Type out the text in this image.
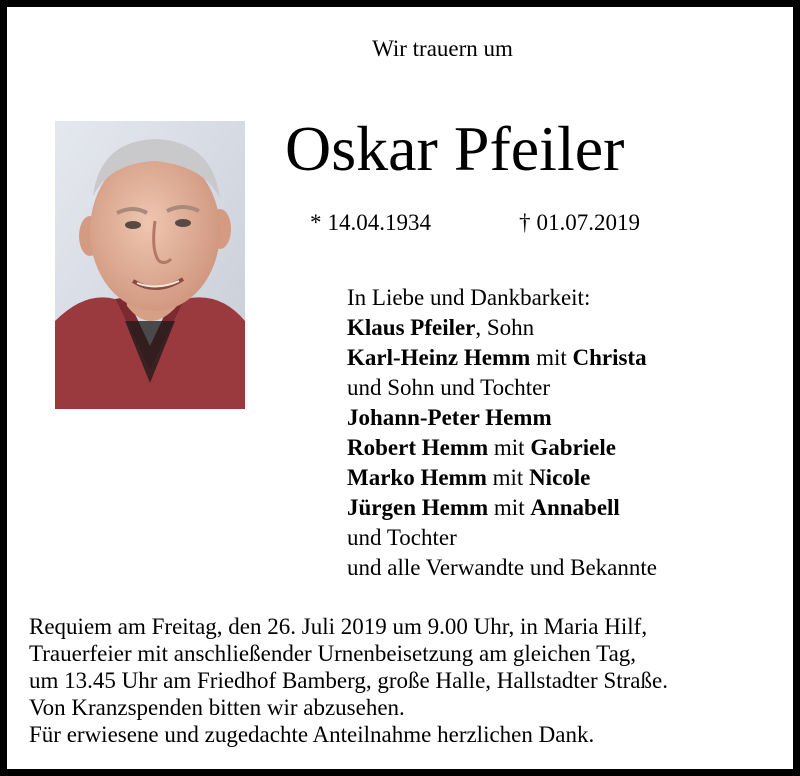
Wir trauern um
Oskar Pfeiler
* 14.04.1934	† 01.07.2019
In Liebe und Dankbarkeit:
Klaus Pfeiler, Sohn
Karl-Heinz Hemm mit Christa
und Sohn und Tochter
Johann-Peter Hemm
Robert Hemm mit Gabriele
Marko Hemm mit Nicole
Jürgen Hemm mit Annabell
und Tochter
und alle Verwandte und Bekannte
Requiem am Freitag, den 26. Juli 2019 um 9.00 Uhr, in Maria Hilf,
Trauerfeier mit anschließender Urnenbeisetzung am gleichen Tag,
um 13.45 Uhr am Friedhof Bamberg, große Halle, Hallstadter Straße.
Von Kranzspenden bitten wir abzusehen.
Für erwiesene und zugedachte Anteilnahme herzlichen Dank.
